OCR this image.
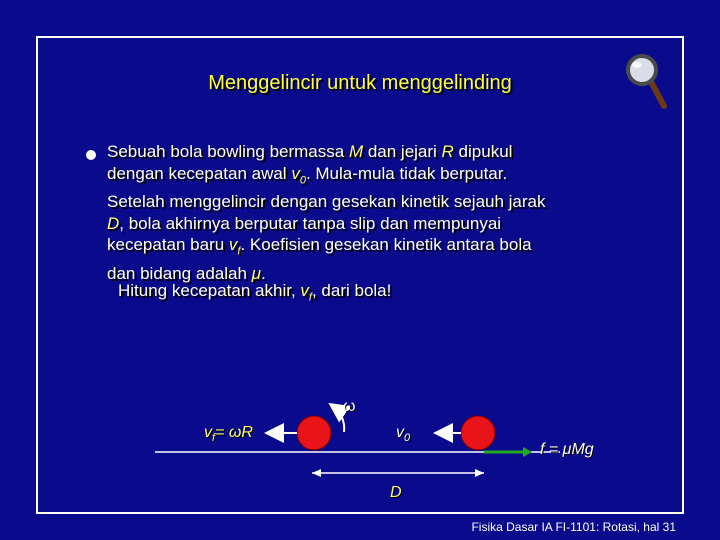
Menggelincir untuk menggelinding
Sebuah bola bowling bermassa M dan jejari R dipukul
dengan kecepatan awal $v_0$. Mula-mula tidak berputar.
Setelah menggelincir dengan gesekan kinetik sejauh jarak
D, bola akhirnya berputar tanpa slip dan mempunyai
kecepatan baru $v_f$. Koefisien gesekan kinetik antara bola
dan bidang adalah μ.
Hitung kecepatan akhir, $v_f$, dari bola!
$v_f= \omega R$
ω
$v_0$
f = μMg
D
Fisika Dasar IA FI-1101: Rotasi, hal 31
